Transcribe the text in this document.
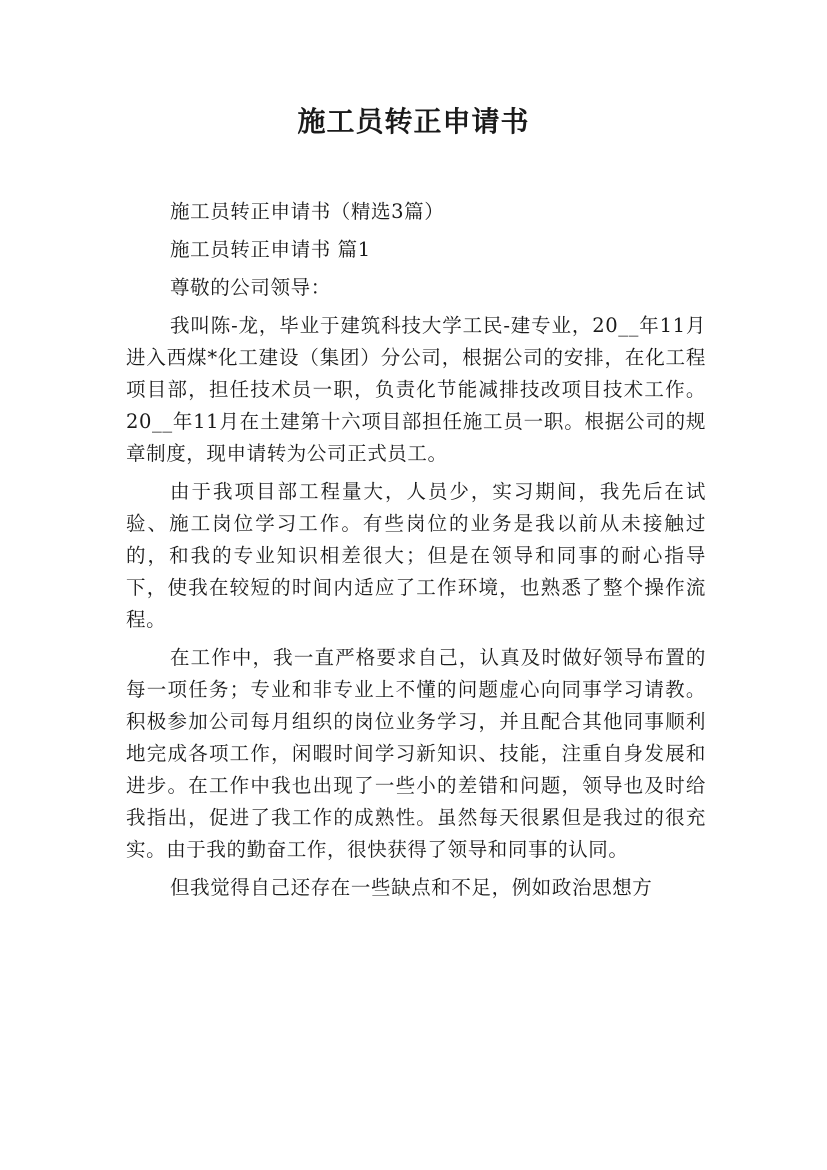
施工员转正申请书
施工员转正申请书（精选3篇）
施工员转正申请书 篇1
尊敬的公司领导：

我叫陈-龙，毕业于建筑科技大学工民-建专业，20__年11月进入西煤*化工建设（集团）分公司，根据公司的安排，在化工程项目部，担任技术员一职，负责化节能减排技改项目技术工作。20__年11月在土建第十六项目部担任施工员一职。根据公司的规章制度，现申请转为公司正式员工。

由于我项目部工程量大，人员少，实习期间，我先后在试验、施工岗位学习工作。有些岗位的业务是我以前从未接触过的，和我的专业知识相差很大；但是在领导和同事的耐心指导下，使我在较短的时间内适应了工作环境，也熟悉了整个操作流程。

在工作中，我一直严格要求自己，认真及时做好领导布置的每一项任务；专业和非专业上不懂的问题虚心向同事学习请教。积极参加公司每月组织的岗位业务学习，并且配合其他同事顺利地完成各项工作，闲暇时间学习新知识、技能，注重自身发展和进步。在工作中我也出现了一些小的差错和问题，领导也及时给我指出，促进了我工作的成熟性。虽然每天很累但是我过的很充实。由于我的勤奋工作，很快获得了领导和同事的认同。

但我觉得自己还存在一些缺点和不足，例如政治思想方
